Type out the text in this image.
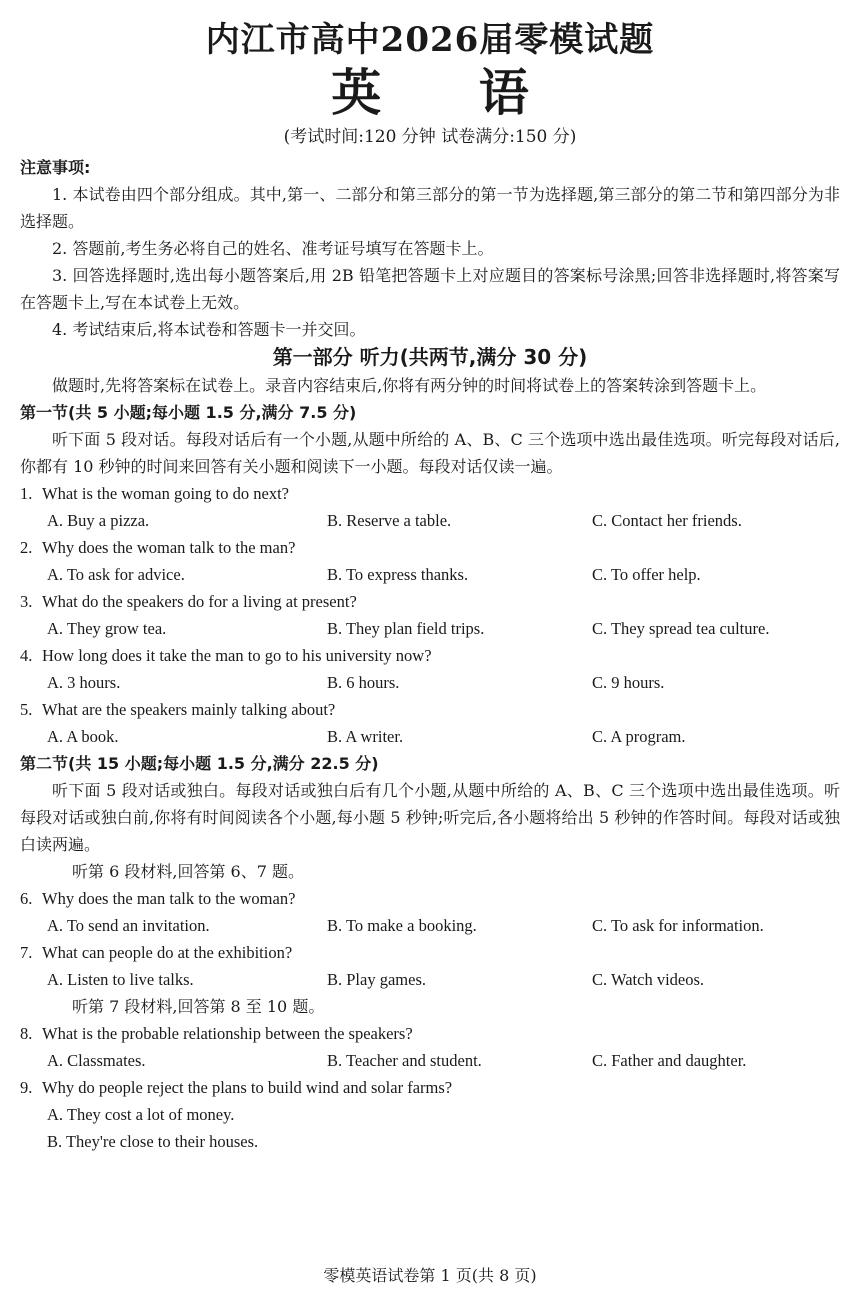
内江市高中2026届零模试题
英 语
(考试时间:120 分钟 试卷满分:150 分)
注意事项:
1. 本试卷由四个部分组成。其中,第一、二部分和第三部分的第一节为选择题,第三部分的第二节和第四部分为非选择题。
2. 答题前,考生务必将自己的姓名、准考证号填写在答题卡上。
3. 回答选择题时,选出每小题答案后,用 2B 铅笔把答题卡上对应题目的答案标号涂黑;回答非选择题时,将答案写在答题卡上,写在本试卷上无效。
4. 考试结束后,将本试卷和答题卡一并交回。
第一部分 听力(共两节,满分 30 分)
做题时,先将答案标在试卷上。录音内容结束后,你将有两分钟的时间将试卷上的答案转涂到答题卡上。
第一节(共 5 小题;每小题 1.5 分,满分 7.5 分)
听下面 5 段对话。每段对话后有一个小题,从题中所给的 A、B、C 三个选项中选出最佳选项。听完每段对话后,你都有 10 秒钟的时间来回答有关小题和阅读下一小题。每段对话仅读一遍。
1. What is the woman going to do next?
A. Buy a pizza.	B. Reserve a table.	C. Contact her friends.
2. Why does the woman talk to the man?
A. To ask for advice.	B. To express thanks.	C. To offer help.
3. What do the speakers do for a living at present?
A. They grow tea.	B. They plan field trips.	C. They spread tea culture.
4. How long does it take the man to go to his university now?
A. 3 hours.	B. 6 hours.	C. 9 hours.
5. What are the speakers mainly talking about?
A. A book.	B. A writer.	C. A program.
第二节(共 15 小题;每小题 1.5 分,满分 22.5 分)
听下面 5 段对话或独白。每段对话或独白后有几个小题,从题中所给的 A、B、C 三个选项中选出最佳选项。听每段对话或独白前,你将有时间阅读各个小题,每小题 5 秒钟;听完后,各小题将给出 5 秒钟的作答时间。每段对话或独白读两遍。
听第 6 段材料,回答第 6、7 题。
6. Why does the man talk to the woman?
A. To send an invitation.	B. To make a booking.	C. To ask for information.
7. What can people do at the exhibition?
A. Listen to live talks.	B. Play games.	C. Watch videos.
听第 7 段材料,回答第 8 至 10 题。
8. What is the probable relationship between the speakers?
A. Classmates.	B. Teacher and student.	C. Father and daughter.
9. Why do people reject the plans to build wind and solar farms?
A. They cost a lot of money.
B. They're close to their houses.
零模英语试卷第 1 页(共 8 页)
